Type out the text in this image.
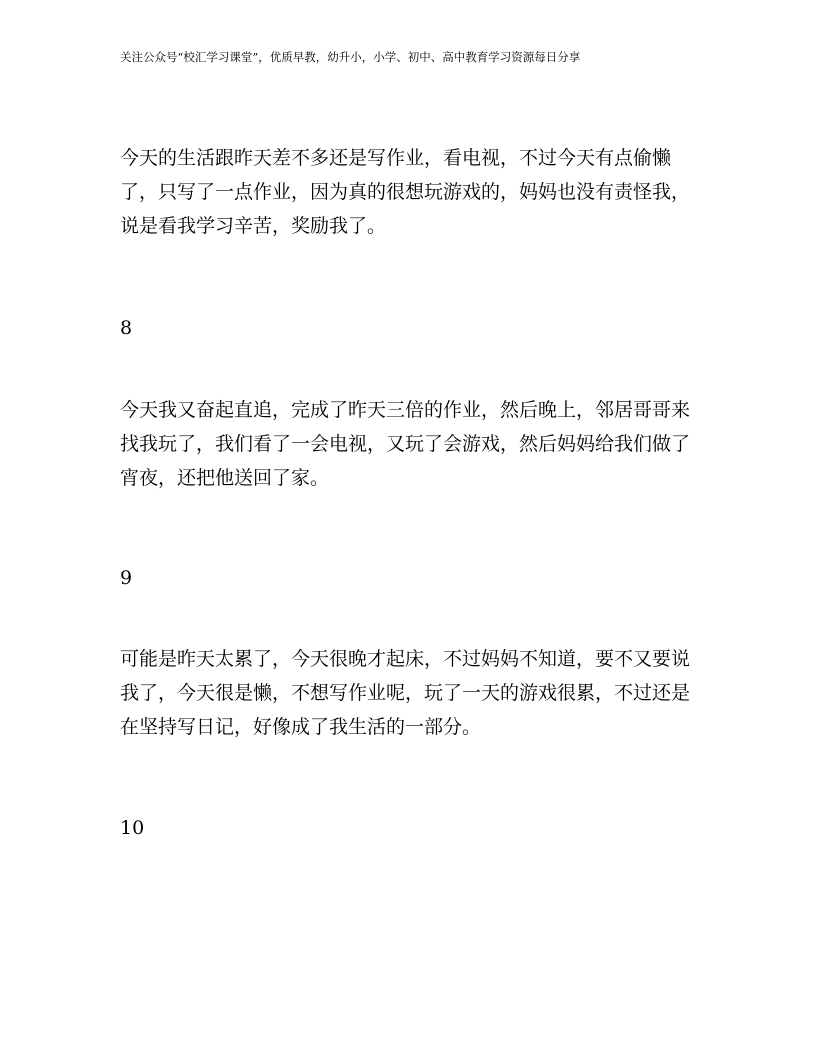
关注公众号“校汇学习课堂”，优质早教，幼升小，小学、初中、高中教育学习资源每日分享

今天的生活跟昨天差不多还是写作业，看电视，不过今天有点偷懒了，只写了一点作业，因为真的很想玩游戏的，妈妈也没有责怪我，说是看我学习辛苦，奖励我了。

8

今天我又奋起直追，完成了昨天三倍的作业，然后晚上，邻居哥哥来找我玩了，我们看了一会电视，又玩了会游戏，然后妈妈给我们做了宵夜，还把他送回了家。

9

可能是昨天太累了，今天很晚才起床，不过妈妈不知道，要不又要说我了，今天很是懒，不想写作业呢，玩了一天的游戏很累，不过还是在坚持写日记，好像成了我生活的一部分。

10
